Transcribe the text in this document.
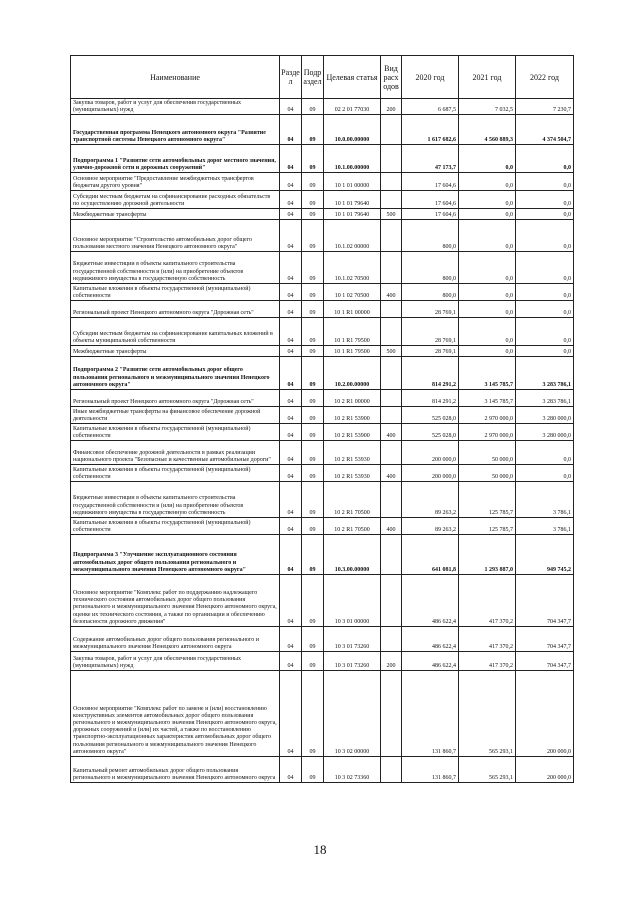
Наименование	Разде л	Подр аздел	Целевая статья	Вид расх одов	2020 год	2021 год	2022 год
Закупка товаров, работ и услуг для обеспечения государственных (муниципальных) нужд	04	09	02 2 01 77030	200	6 687,5	7 032,5	7 230,7
Государственная программа Ненецкого автономного округа "Развитие транспортной системы Ненецкого автономного округа"	04	09	10.0.00.00000		1 617 682,6	4 560 889,3	4 374 504,7
Подпрограмма 1 "Развитие сети автомобильных дорог местного значения, улично-дорожной сети и дорожных сооружений"	04	09	10.1.00.00000		47 173,7	0,0	0,0
Основное мероприятие "Предоставление межбюджетных трансфертов бюджетам другого уровня"	04	09	10 1 01 00000		17 604,6	0,0	0,0
Субсидии местным бюджетам на софинансирование расходных обязательств по осуществлению дорожной деятельности	04	09	10 1 01 79640		17 604,6	0,0	0,0
Межбюджетные трансферты	04	09	10 1 01 79640	500	17 604,6	0,0	0,0
Основное мероприятие "Строительство автомобильных дорог общего пользования местного значения Ненецкого автономного округа"	04	09	10.1.02 00000		800,0	0,0	0,0
Бюджетные инвестиции в объекты капитального строительства государственной собственности и (или) на приобретение объектов недвижимого имущества в государственную собственность	04	09	10.1.02 70500		800,0	0,0	0,0
Капитальные вложения в объекты государственной (муниципальной) собственности	04	09	10 1 02 70500	400	800,0	0,0	0,0
Региональный проект Ненецкого автономного округа "Дорожная сеть"	04	09	10 1 R1 00000		28 769,1	0,0	0,0
Субсидии местным бюджетам на софинансирование капитальных вложений в объекты муниципальной собственности	04	09	10 1 R1 79500		28 769,1	0,0	0,0
Межбюджетные трансферты	04	09	10 1 R1 79500	500	28 769,1	0,0	0,0
Подпрограмма 2 "Развитие сети автомобильных дорог общего пользования регионального и межмуниципального значения Ненецкого автономного округа"	04	09	10.2.00.00000		814 291,2	3 145 785,7	3 283 786,1
Региональный проект Ненецкого автономного округа "Дорожная сеть"	04	09	10 2 R1 00000		814 291,2	3 145 785,7	3 283 786,1
Иные межбюджетные трансферты на финансовое обеспечение дорожной деятельности	04	09	10 2 R1 53900		525 028,0	2 970 000,0	3 280 000,0
Капитальные вложения в объекты государственной (муниципальной) собственности	04	09	10 2 R1 53900	400	525 028,0	2 970 000,0	3 280 000,0
Финансовое обеспечение дорожной деятельности в рамках реализации национального проекта "Безопасные и качественные автомобильные дороги"	04	09	10 2 R1 53930		200 000,0	50 000,0	0,0
Капитальные вложения в объекты государственной (муниципальной) собственности	04	09	10 2 R1 53930	400	200 000,0	50 000,0	0,0
Бюджетные инвестиции в объекты капитального строительства государственной собственности и (или) на приобретение объектов недвижимого имущества в государственную собственность	04	09	10 2 R1 70500		89 263,2	125 785,7	3 786,1
Капитальные вложения в объекты государственной (муниципальной) собственности	04	09	10 2 R1 70500	400	89 263,2	125 785,7	3 786,1
Подпрограмма 3 "Улучшение эксплуатационного состояния автомобильных дорог общего пользования регионального и межмуниципального значения Ненецкого автономного округа"	04	09	10.3.00.00000		641 081,8	1 293 887,0	949 745,2
Основное мероприятие "Комплекс работ по поддержанию надлежащего технического состояния автомобильных дорог общего пользования регионального и межмуниципального значения Ненецкого автономного округа, оценке их технического состояния, а также по организации и обеспечению безопасности дорожного движения"	04	09	10 3 01 00000		486 622,4	417 370,2	704 347,7
Содержание автомобильных дорог общего пользования регионального и межмуниципального значения Ненецкого автономного округа	04	09	10 3 01 73260		486 622,4	417 370,2	704 347,7
Закупка товаров, работ и услуг для обеспечения государственных (муниципальных) нужд	04	09	10 3 01 73260	200	486 622,4	417 370,2	704 347,7
Основное мероприятие "Комплекс работ по замене и (или) восстановлению конструктивных элементов автомобильных дорог общего пользования регионального и межмуниципального значения Ненецкого автономного округа, дорожных сооружений и (или) их частей, а также по восстановлению транспортно-эксплуатационных характеристик автомобильных дорог общего пользования регионального и межмуниципального значения Ненецкого автономного округа"	04	09	10 3 02 00000		131 860,7	565 293,1	200 000,0
Капитальный ремонт автомобильных дорог общего пользования регионального и межмуниципального значения Ненецкого автономного округа	04	09	10 3 02 73360		131 860,7	565 293,1	200 000,0
18
